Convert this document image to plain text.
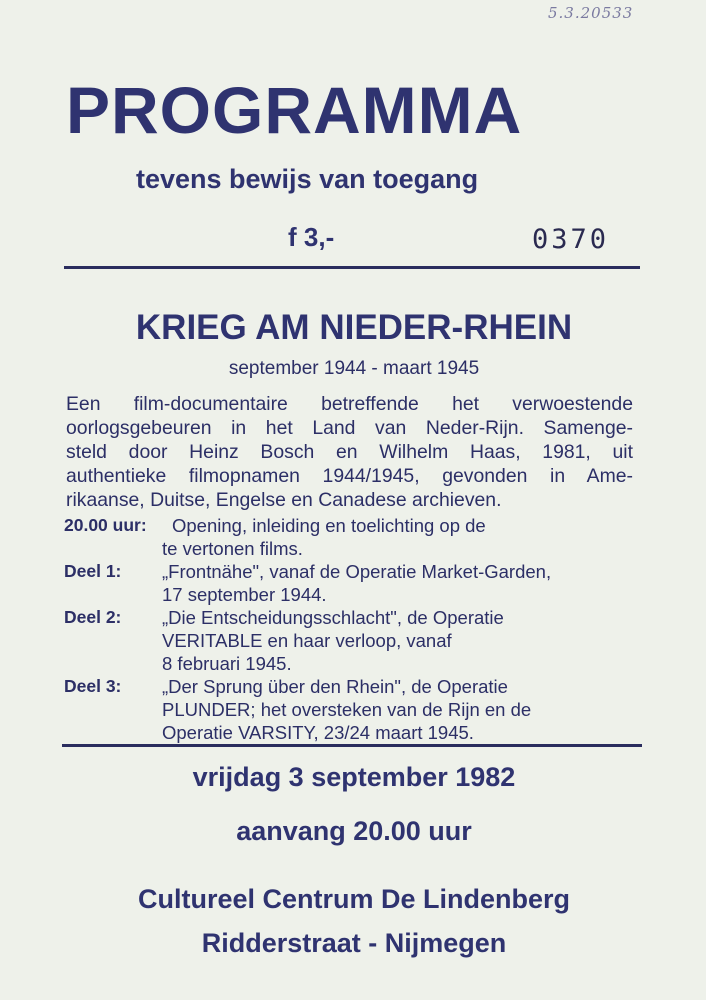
5.3.20533
PROGRAMMA
tevens bewijs van toegang
f 3,-	0370
KRIEG AM NIEDER-RHEIN
september 1944 - maart 1945
Een film-documentaire betreffende het verwoestende
oorlogsgebeuren in het Land van Neder-Rijn. Samenge-
steld door Heinz Bosch en Wilhelm Haas, 1981, uit
authentieke filmopnamen 1944/1945, gevonden in Ame-
rikaanse, Duitse, Engelse en Canadese archieven.
20.00 uur: Opening, inleiding en toelichting op de
te vertonen films.
Deel 1: „Frontnähe", vanaf de Operatie Market-Garden,
17 september 1944.
Deel 2: „Die Entscheidungsschlacht", de Operatie
VERITABLE en haar verloop, vanaf
8 februari 1945.
Deel 3: „Der Sprung über den Rhein", de Operatie
PLUNDER; het oversteken van de Rijn en de
Operatie VARSITY, 23/24 maart 1945.
vrijdag 3 september 1982
aanvang 20.00 uur
Cultureel Centrum De Lindenberg
Ridderstraat - Nijmegen
